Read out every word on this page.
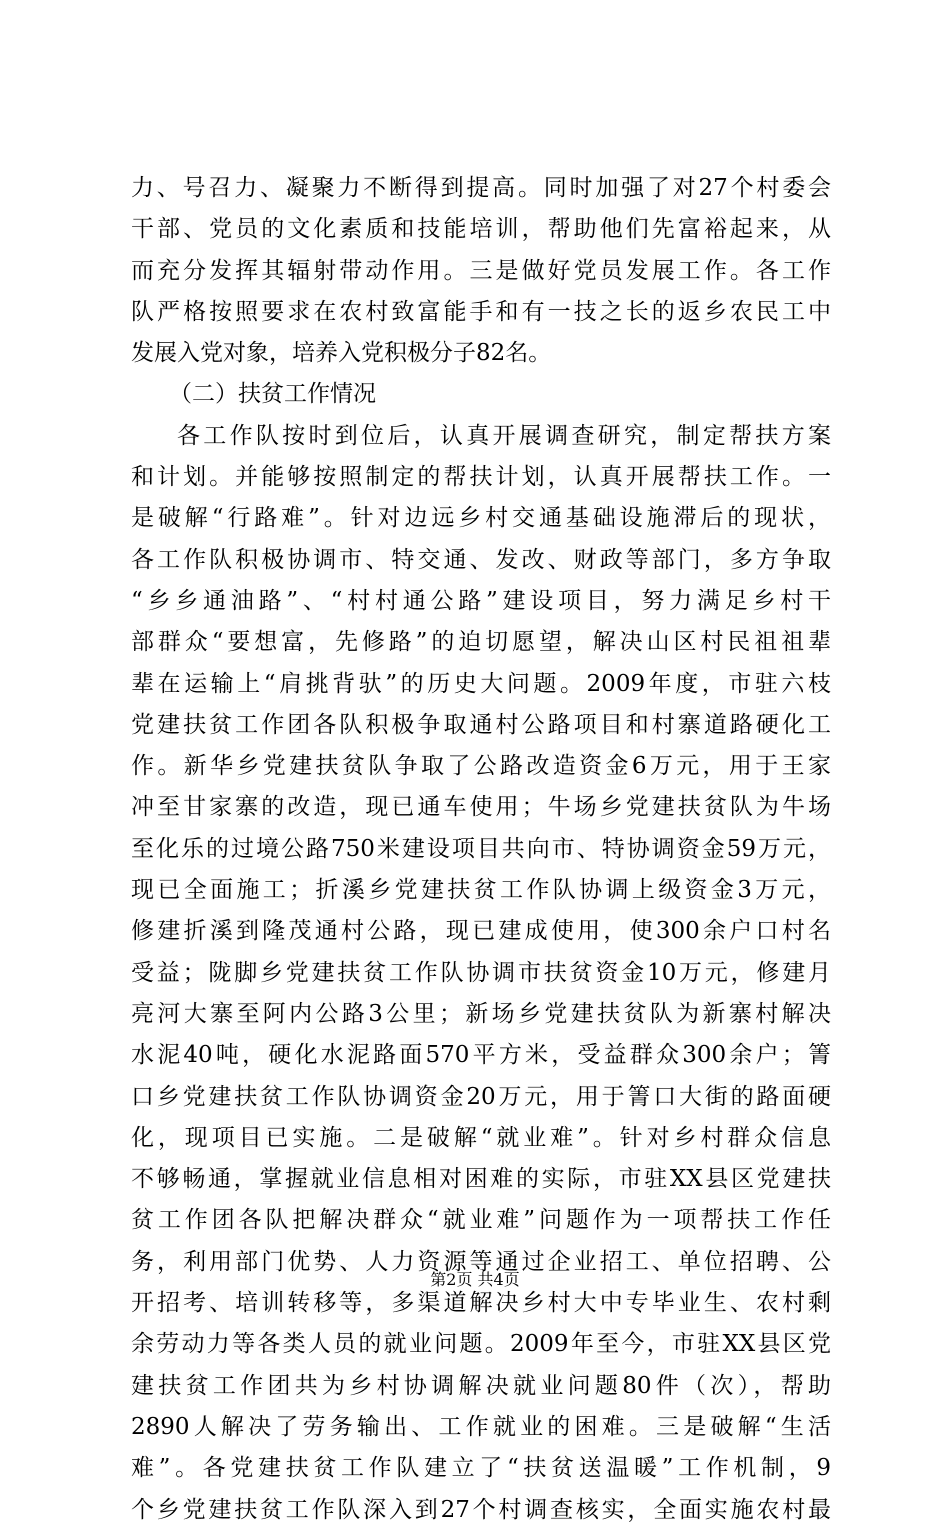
力、号召力、凝聚力不断得到提高。同时加强了对27个村委会
干部、党员的文化素质和技能培训，帮助他们先富裕起来，从
而充分发挥其辐射带动作用。三是做好党员发展工作。各工作
队严格按照要求在农村致富能手和有一技之长的返乡农民工中
发展入党对象，培养入党积极分子82名。
（二）扶贫工作情况
各工作队按时到位后，认真开展调查研究，制定帮扶方案
和计划。并能够按照制定的帮扶计划，认真开展帮扶工作。一
是破解“行路难”。针对边远乡村交通基础设施滞后的现状，
各工作队积极协调市、特交通、发改、财政等部门，多方争取
“乡乡通油路”、“村村通公路”建设项目，努力满足乡村干
部群众“要想富，先修路”的迫切愿望，解决山区村民祖祖辈
辈在运输上“肩挑背驮”的历史大问题。2009年度，市驻六枝
党建扶贫工作团各队积极争取通村公路项目和村寨道路硬化工
作。新华乡党建扶贫队争取了公路改造资金6万元，用于王家
冲至甘家寨的改造，现已通车使用；牛场乡党建扶贫队为牛场
至化乐的过境公路750米建设项目共向市、特协调资金59万元，
现已全面施工；折溪乡党建扶贫工作队协调上级资金3万元，
修建折溪到隆茂通村公路，现已建成使用，使300余户口村名
受益；陇脚乡党建扶贫工作队协调市扶贫资金10万元，修建月
亮河大寨至阿内公路3公里；新场乡党建扶贫队为新寨村解决
水泥40吨，硬化水泥路面570平方米，受益群众300余户；箐
口乡党建扶贫工作队协调资金20万元，用于箐口大街的路面硬
化，现项目已实施。二是破解“就业难”。针对乡村群众信息
不够畅通，掌握就业信息相对困难的实际，市驻XX县区党建扶
贫工作团各队把解决群众“就业难”问题作为一项帮扶工作任
务，利用部门优势、人力资源等通过企业招工、单位招聘、公
开招考、培训转移等，多渠道解决乡村大中专毕业生、农村剩
余劳动力等各类人员的就业问题。2009年至今，市驻XX县区党
建扶贫工作团共为乡村协调解决就业问题80件（次），帮助
2890人解决了劳务输出、工作就业的困难。三是破解“生活
难”。各党建扶贫工作队建立了“扶贫送温暖”工作机制，9
个乡党建扶贫工作队深入到27个村调查核实，全面实施农村最
第2页 共4页
